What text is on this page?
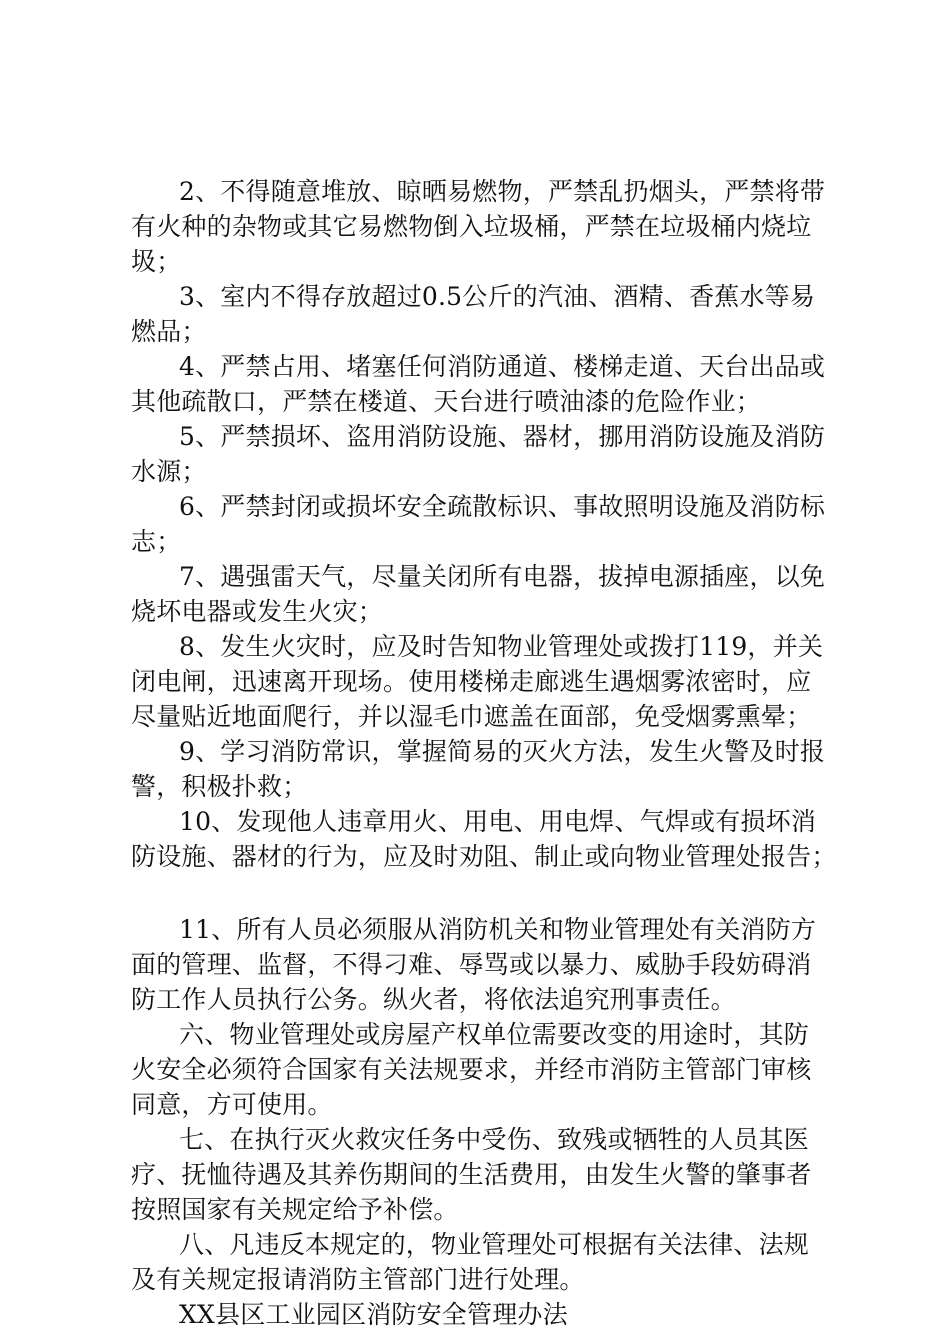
2、不得随意堆放、晾晒易燃物，严禁乱扔烟头，严禁将带
有火种的杂物或其它易燃物倒入垃圾桶，严禁在垃圾桶内烧垃
圾；
3、室内不得存放超过0.5公斤的汽油、酒精、香蕉水等易
燃品；
4、严禁占用、堵塞任何消防通道、楼梯走道、天台出品或
其他疏散口，严禁在楼道、天台进行喷油漆的危险作业；
5、严禁损坏、盗用消防设施、器材，挪用消防设施及消防
水源；
6、严禁封闭或损坏安全疏散标识、事故照明设施及消防标
志；
7、遇强雷天气，尽量关闭所有电器，拔掉电源插座，以免
烧坏电器或发生火灾；
8、发生火灾时，应及时告知物业管理处或拨打119，并关
闭电闸，迅速离开现场。使用楼梯走廊逃生遇烟雾浓密时，应
尽量贴近地面爬行，并以湿毛巾遮盖在面部，免受烟雾熏晕；
9、学习消防常识，掌握简易的灭火方法，发生火警及时报
警，积极扑救；
10、发现他人违章用火、用电、用电焊、气焊或有损坏消
防设施、器材的行为，应及时劝阻、制止或向物业管理处报告；
11、所有人员必须服从消防机关和物业管理处有关消防方
面的管理、监督，不得刁难、辱骂或以暴力、威胁手段妨碍消
防工作人员执行公务。纵火者，将依法追究刑事责任。
六、物业管理处或房屋产权单位需要改变的用途时，其防
火安全必须符合国家有关法规要求，并经市消防主管部门审核
同意，方可使用。
七、在执行灭火救灾任务中受伤、致残或牺牲的人员其医
疗、抚恤待遇及其养伤期间的生活费用，由发生火警的肇事者
按照国家有关规定给予补偿。
八、凡违反本规定的，物业管理处可根据有关法律、法规
及有关规定报请消防主管部门进行处理。
XX县区工业园区消防安全管理办法
